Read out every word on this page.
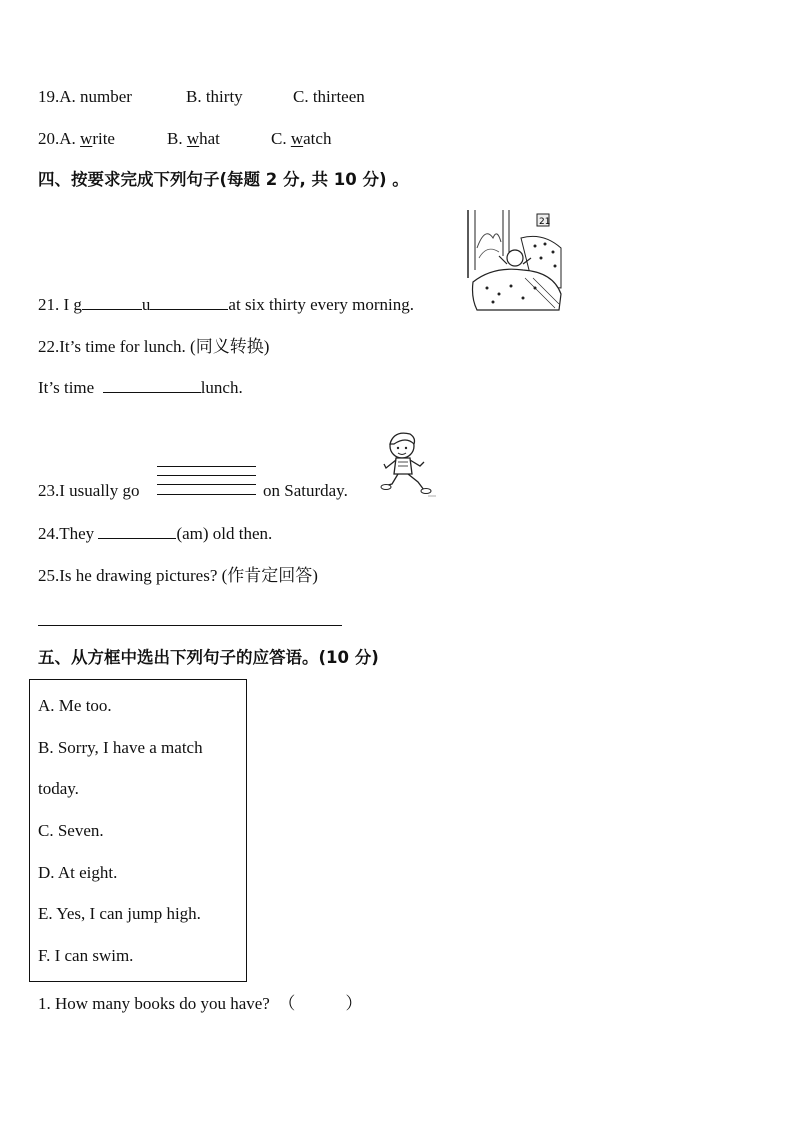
19.A. number	B. thirty	C. thirteen
20.A. write	B. what	C. watch
四、按要求完成下列句子(每题 2 分, 共 10 分) 。
21
21. I g	u	at six thirty every morning.
22.It’s time for lunch. (同义转换)
It’s time	lunch.
23.I usually go	on Saturday.
24.They	(am) old then.
25.Is he drawing pictures? (作肯定回答)
五、从方框中选出下列句子的应答语。(10 分)
A. Me too.
B. Sorry, I have a match
today.
C. Seven.
D. At eight.
E. Yes, I can jump high.
F. I can swim.
1. How many books do you have? （	）
